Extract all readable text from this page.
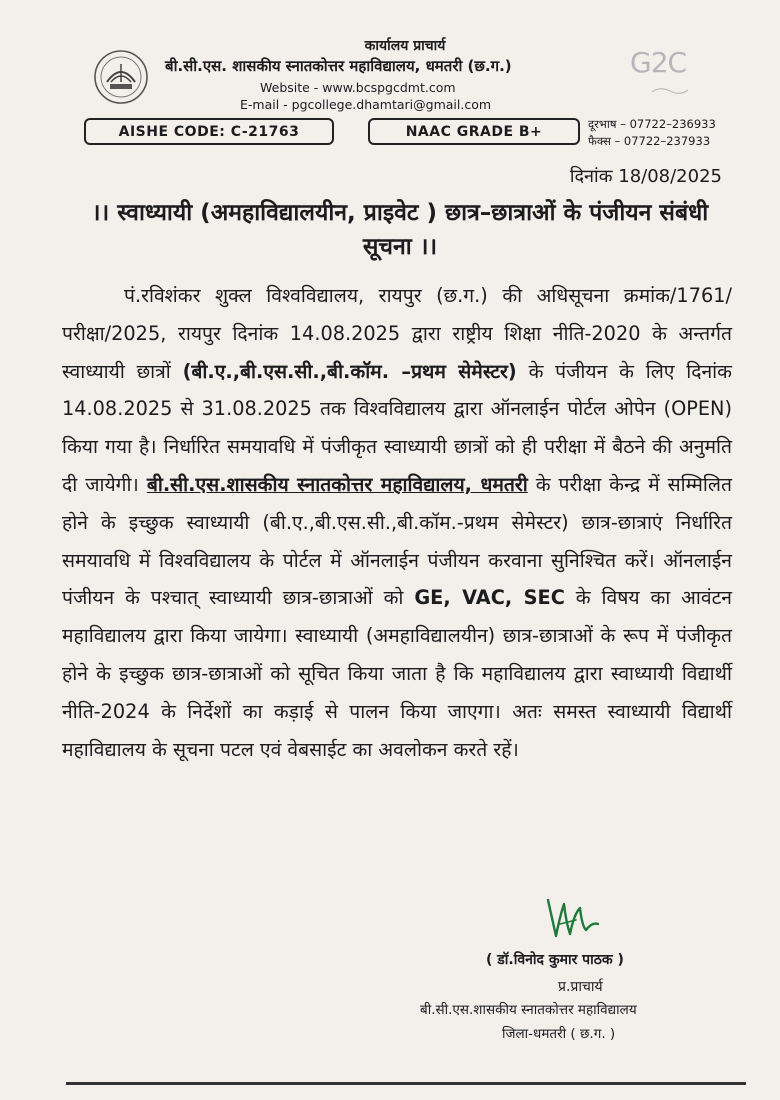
कार्यालय प्राचार्य
बी.सी.एस. शासकीय स्नातकोत्तर महाविद्यालय, धमतरी (छ.ग.)
Website - www.bcspgcdmt.com
E-mail - pgcollege.dhamtari@gmail.com
G2C
AISHE CODE: C-21763	NAAC GRADE B+	दूरभाष – 07722–236933
फैक्स – 07722–237933
दिनांक 18/08/2025
।। स्वाध्यायी (अमहाविद्यालयीन, प्राइवेट ) छात्र–छात्राओं के पंजीयन संबंधी सूचना ।।

पं.रविशंकर शुक्ल विश्वविद्यालय, रायपुर (छ.ग.) की अधिसूचना क्रमांक/1761/परीक्षा/2025, रायपुर दिनांक 14.08.2025 द्वारा राष्ट्रीय शिक्षा नीति-2020 के अन्तर्गत स्वाध्यायी छात्रों (बी.ए.,बी.एस.सी.,बी.कॉम. –प्रथम सेमेस्टर) के पंजीयन के लिए दिनांक 14.08.2025 से 31.08.2025 तक विश्वविद्यालय द्वारा ऑनलाईन पोर्टल ओपेन (OPEN) किया गया है। निर्धारित समयावधि में पंजीकृत स्वाध्यायी छात्रों को ही परीक्षा में बैठने की अनुमति दी जायेगी। बी.सी.एस.शासकीय स्नातकोत्तर महाविद्यालय, धमतरी के परीक्षा केन्द्र में सम्मिलित होने के इच्छुक स्वाध्यायी (बी.ए.,बी.एस.सी.,बी.कॉम.-प्रथम सेमेस्टर) छात्र-छात्राएं निर्धारित समयावधि में विश्वविद्यालय के पोर्टल में ऑनलाईन पंजीयन करवाना सुनिश्चित करें। ऑनलाईन पंजीयन के पश्चात् स्वाध्यायी छात्र-छात्राओं को GE, VAC, SEC के विषय का आवंटन महाविद्यालय द्वारा किया जायेगा। स्वाध्यायी (अमहाविद्यालयीन) छात्र-छात्राओं के रूप में पंजीकृत होने के इच्छुक छात्र-छात्राओं को सूचित किया जाता है कि महाविद्यालय द्वारा स्वाध्यायी विद्यार्थी नीति-2024 के निर्देशों का कड़ाई से पालन किया जाएगा। अतः समस्त स्वाध्यायी विद्यार्थी महाविद्यालय के सूचना पटल एवं वेबसाईट का अवलोकन करते रहें।

( डॉ.विनोद कुमार पाठक )
प्र.प्राचार्य
बी.सी.एस.शासकीय स्नातकोत्तर महाविद्यालय
जिला-धमतरी ( छ.ग. )
